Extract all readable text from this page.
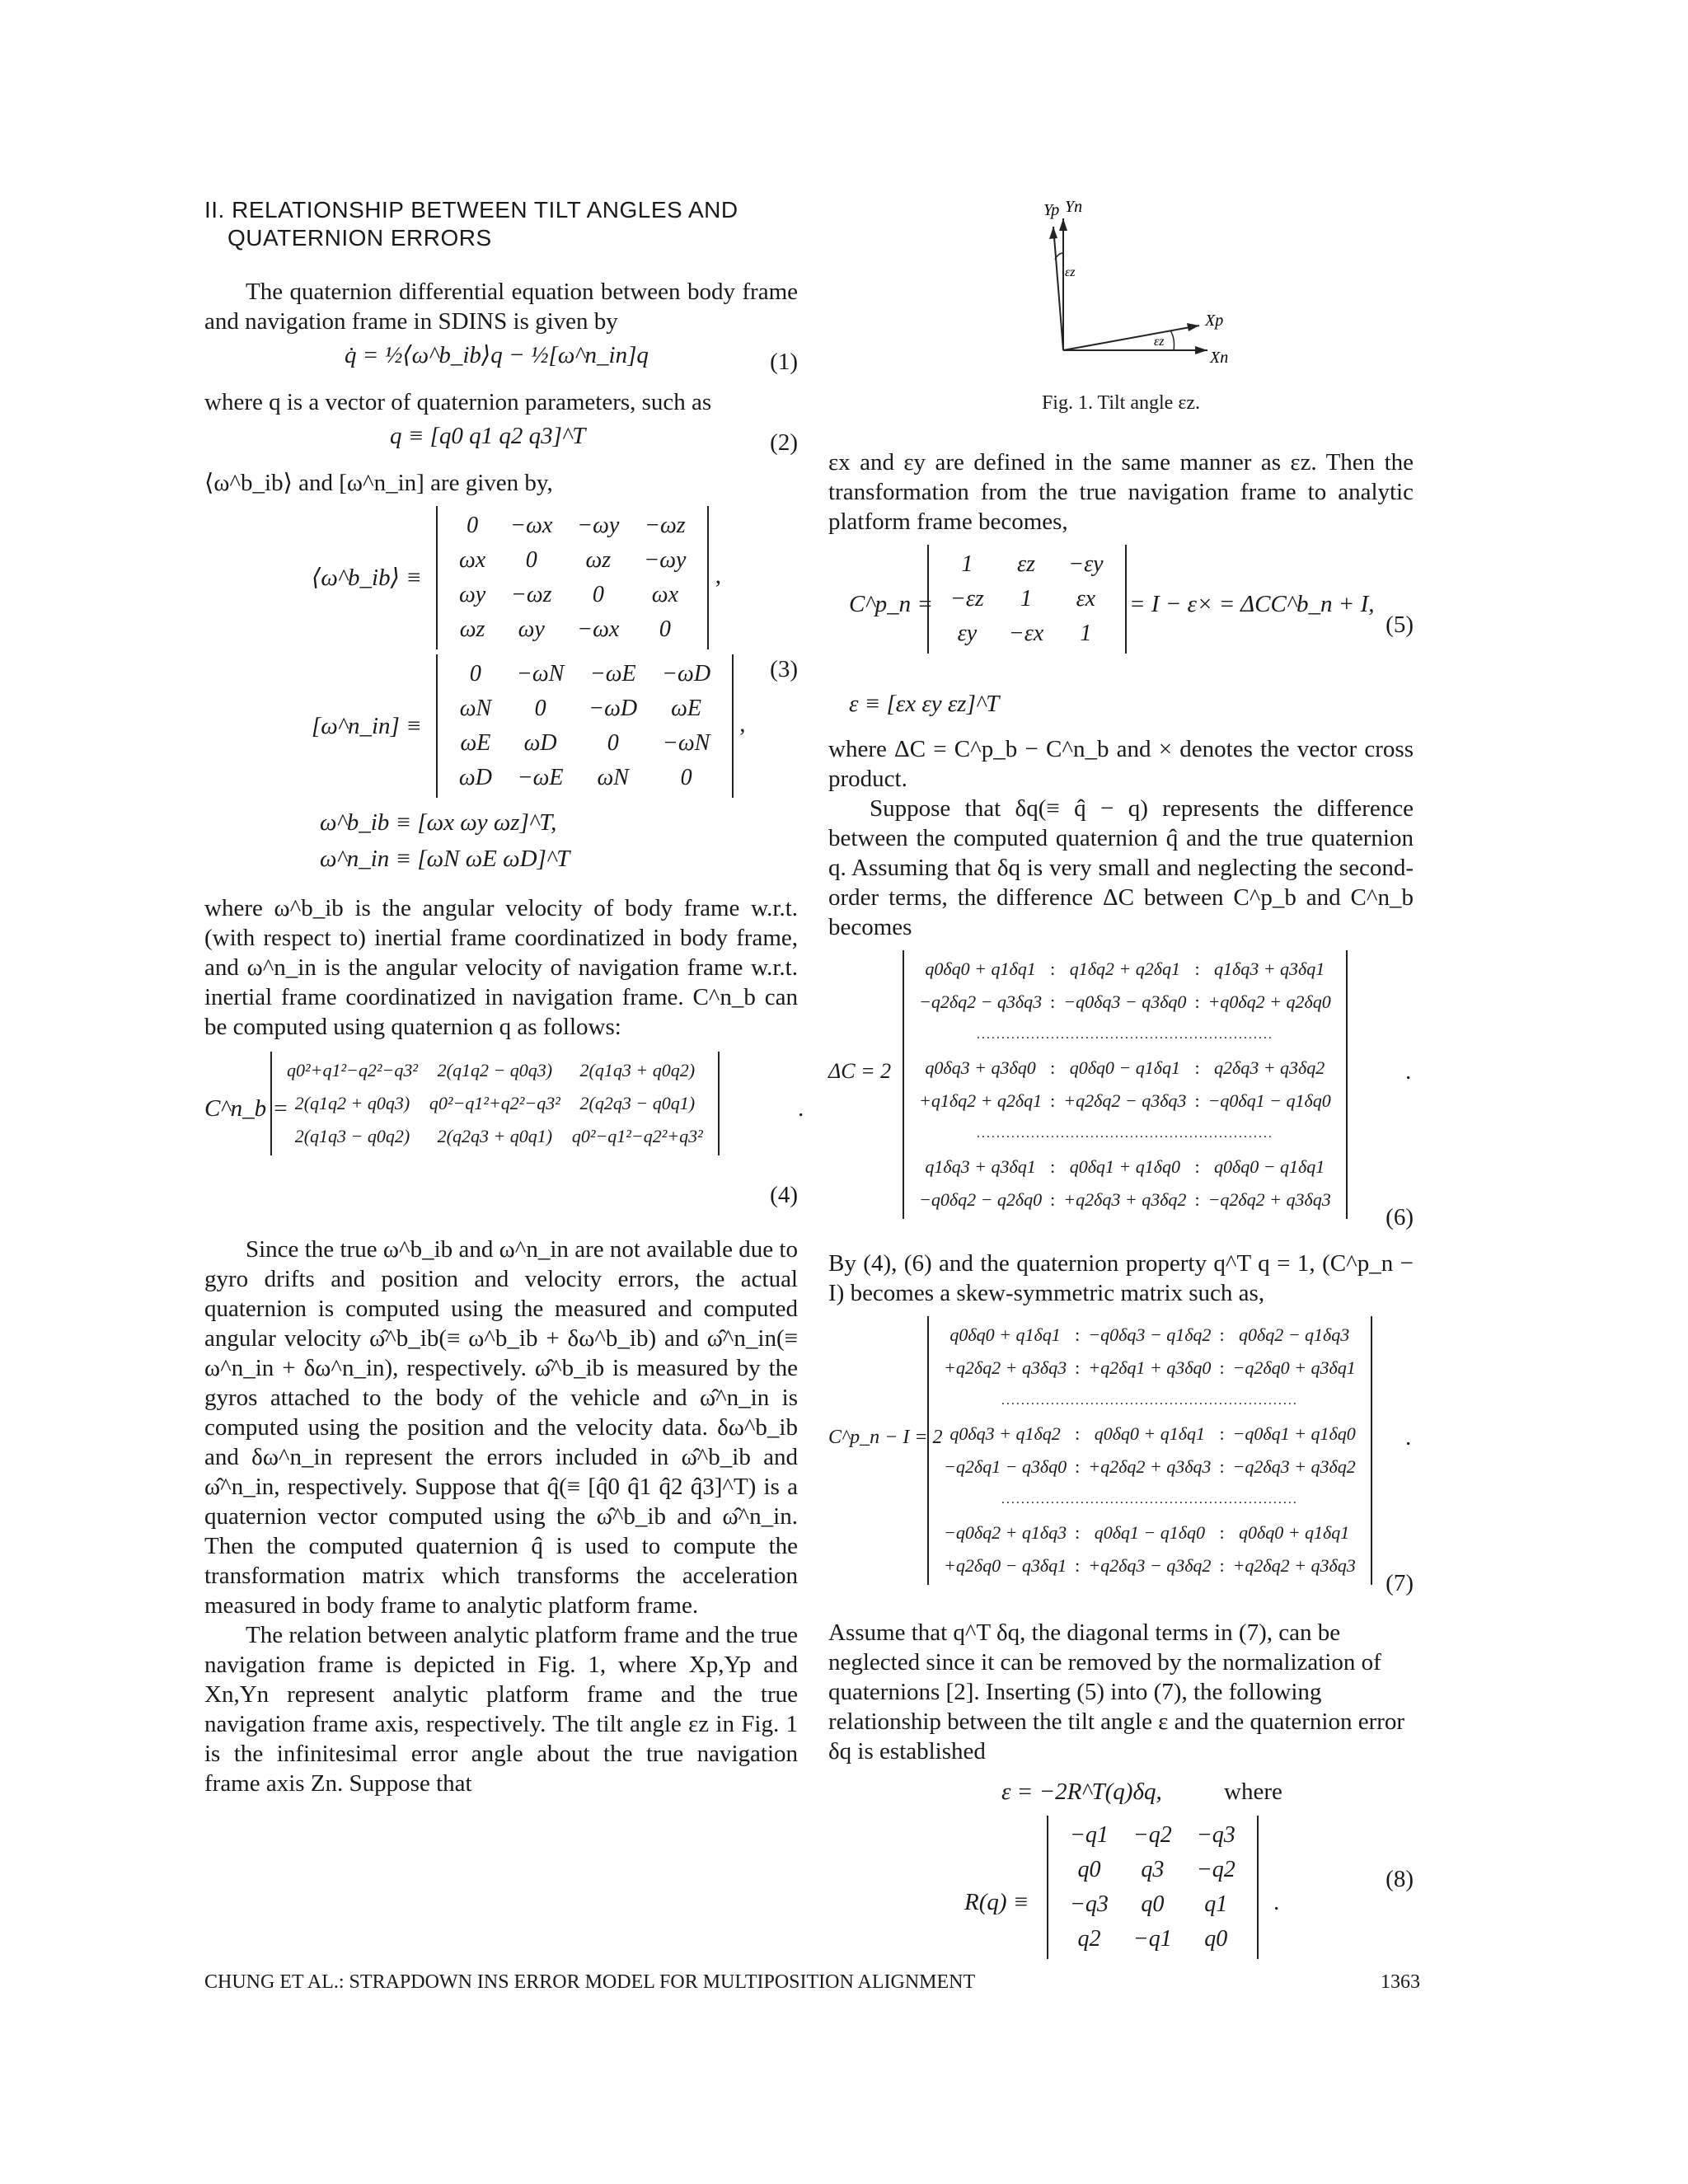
II. RELATIONSHIP BETWEEN TILT ANGLES AND
QUATERNION ERRORS

The quaternion differential equation between body frame and navigation frame in SDINS is given by

q̇ = ½⟨ω^b_ib⟩q − ½[ω^n_in]q	(1)

where q is a vector of quaternion parameters, such as

q ≡ [q0 q1 q2 q3]^T	(2)

⟨ω^b_ib⟩ and [ω^n_in] are given by,

⟨ω^b_ib⟩ ≡ 0	−ωx	−ωy	−ωz
ωx	0	ωz	−ωy
ωy	−ωz	0	ωx
ωz	ωy	−ωx	0 ,
[ω^n_in] ≡ 0	−ωN	−ωE	−ωD
ωN	0	−ωD	ωE
ωE	ωD	0	−ωN
ωD	−ωE	ωN	0 ,
(3)
ω^b_ib ≡ [ωx ωy ωz]^T,
ω^n_in ≡ [ωN ωE ωD]^T

where ω^b_ib is the angular velocity of body frame w.r.t. (with respect to) inertial frame coordinatized in body frame, and ω^n_in is the angular velocity of navigation frame w.r.t. inertial frame coordinatized in navigation frame. C^n_b can be computed using quaternion q as follows:

C^n_b =
q0²+q1²−q2²−q3²	2(q1q2 − q0q3)	2(q1q3 + q0q2)
2(q1q2 + q0q3)	q0²−q1²+q2²−q3²	2(q2q3 − q0q1)
2(q1q3 − q0q2)	2(q2q3 + q0q1)	q0²−q1²−q2²+q3²
.
(4)

Since the true ω^b_ib and ω^n_in are not available due to gyro drifts and position and velocity errors, the actual quaternion is computed using the measured and computed angular velocity ω̂^b_ib(≡ ω^b_ib + δω^b_ib) and ω̂^n_in(≡ ω^n_in + δω^n_in), respectively. ω̂^b_ib is measured by the gyros attached to the body of the vehicle and ω̂^n_in is computed using the position and the velocity data. δω^b_ib and δω^n_in represent the errors included in ω̂^b_ib and ω̂^n_in, respectively. Suppose that q̂(≡ [q̂0 q̂1 q̂2 q̂3]^T) is a quaternion vector computed using the ω̂^b_ib and ω̂^n_in. Then the computed quaternion q̂ is used to compute the transformation matrix which transforms the acceleration measured in body frame to analytic platform frame.

The relation between analytic platform frame and the true navigation frame is depicted in Fig. 1, where Xp,Yp and Xn,Yn represent analytic platform frame and the true navigation frame axis, respectively. The tilt angle εz in Fig. 1 is the infinitesimal error angle about the true navigation frame axis Zn. Suppose that

Yp Yn
Xp
Xn
εz
εz
Fig. 1. Tilt angle εz.

εx and εy are defined in the same manner as εz. Then the transformation from the true navigation frame to analytic platform frame becomes,

C^p_n =
1	εz	−εy
−εz	1	εx
εy	−εx	1
= I − ε× = ΔCC^b_n + I,
(5)
ε ≡ [εx εy εz]^T

where ΔC = C^p_b − C^n_b and × denotes the vector cross product.

Suppose that δq(≡ q̂ − q) represents the difference between the computed quaternion q̂ and the true quaternion q. Assuming that δq is very small and neglecting the second-order terms, the difference ΔC between C^p_b and C^n_b becomes

ΔC = 2
q0δq0 + q1δq1	:	q1δq2 + q2δq1	:	q1δq3 + q3δq1
−q2δq2 − q3δq3	:	−q0δq3 − q3δq0	:	+q0δq2 + q2δq0
............................................................				
q0δq3 + q3δq0	:	q0δq0 − q1δq1	:	q2δq3 + q3δq2
+q1δq2 + q2δq1	:	+q2δq2 − q3δq3	:	−q0δq1 − q1δq0
............................................................				
q1δq3 + q3δq1	:	q0δq1 + q1δq0	:	q0δq0 − q1δq1
−q0δq2 − q2δq0	:	+q2δq3 + q3δq2	:	−q2δq2 + q3δq3
.
(6)

By (4), (6) and the quaternion property q^T q = 1, (C^p_n − I) becomes a skew-symmetric matrix such as,

C^p_n − I = 2
q0δq0 + q1δq1	:	−q0δq3 − q1δq2	:	q0δq2 − q1δq3
+q2δq2 + q3δq3	:	+q2δq1 + q3δq0	:	−q2δq0 + q3δq1
............................................................				
q0δq3 + q1δq2	:	q0δq0 + q1δq1	:	−q0δq1 + q1δq0
−q2δq1 − q3δq0	:	+q2δq2 + q3δq3	:	−q2δq3 + q3δq2
............................................................				
−q0δq2 + q1δq3	:	q0δq1 − q1δq0	:	q0δq0 + q1δq1
+q2δq0 − q3δq1	:	+q2δq3 − q3δq2	:	+q2δq2 + q3δq3
.
(7)

Assume that q^T δq, the diagonal terms in (7), can be neglected since it can be removed by the normalization of quaternions [2]. Inserting (5) into (7), the following relationship between the tilt angle ε and the quaternion error δq is established

ε = −2R^T(q)δq,	where
R(q) ≡
−q1	−q2	−q3
q0	q3	−q2
−q3	q0	q1
q2	−q1	q0
.
(8)
CHUNG ET AL.: STRAPDOWN INS ERROR MODEL FOR MULTIPOSITION ALIGNMENT	1363
